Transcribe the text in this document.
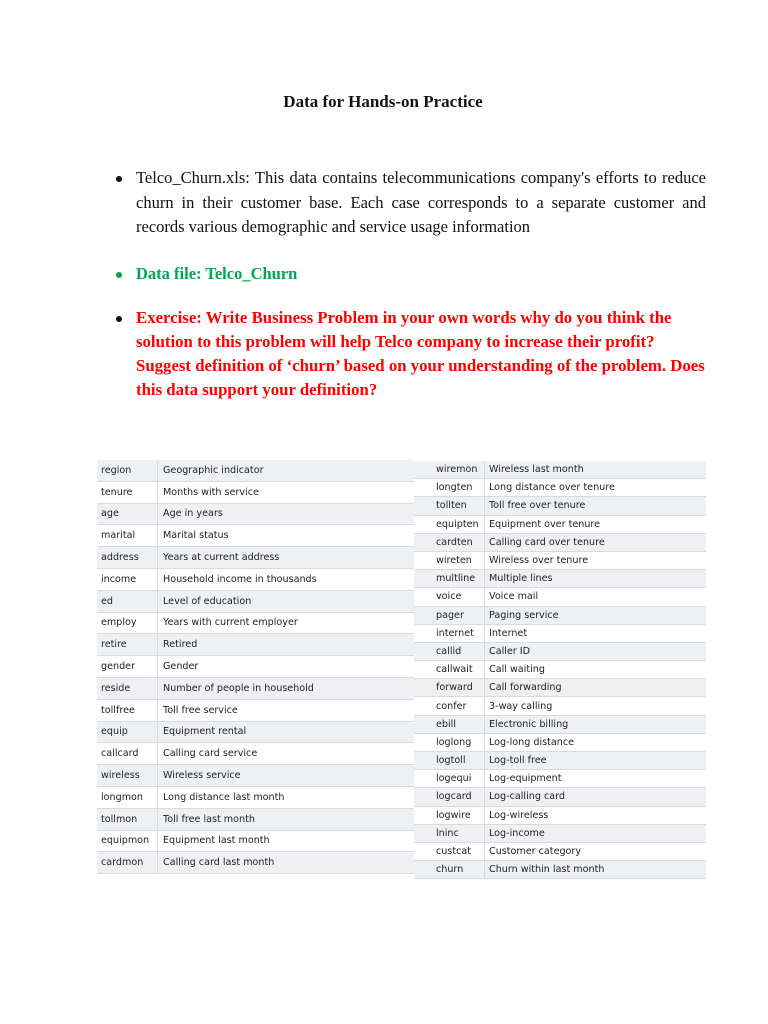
Data for Hands-on Practice
Telco_Churn.xls: This data contains telecommunications company's efforts to reduce churn in their customer base. Each case corresponds to a separate customer and records various demographic and service usage information
Data file: Telco_Churn
Exercise: Write Business Problem in your own words why do you think the solution to this problem will help Telco company to increase their profit? Suggest definition of ‘churn’ based on your understanding of the problem. Does this data support your definition?
region	Geographic indicator
tenure	Months with service
age	Age in years
marital	Marital status
address	Years at current address
income	Household income in thousands
ed	Level of education
employ	Years with current employer
retire	Retired
gender	Gender
reside	Number of people in household
tollfree	Toll free service
equip	Equipment rental
callcard	Calling card service
wireless	Wireless service
longmon	Long distance last month
tollmon	Toll free last month
equipmon	Equipment last month
cardmon	Calling card last month
wiremon	Wireless last month
longten	Long distance over tenure
tollten	Toll free over tenure
equipten	Equipment over tenure
cardten	Calling card over tenure
wireten	Wireless over tenure
multline	Multiple lines
voice	Voice mail
pager	Paging service
internet	Internet
callid	Caller ID
callwait	Call waiting
forward	Call forwarding
confer	3-way calling
ebill	Electronic billing
loglong	Log-long distance
logtoll	Log-toll free
logequi	Log-equipment
logcard	Log-calling card
logwire	Log-wireless
lninc	Log-income
custcat	Customer category
churn	Churn within last month
